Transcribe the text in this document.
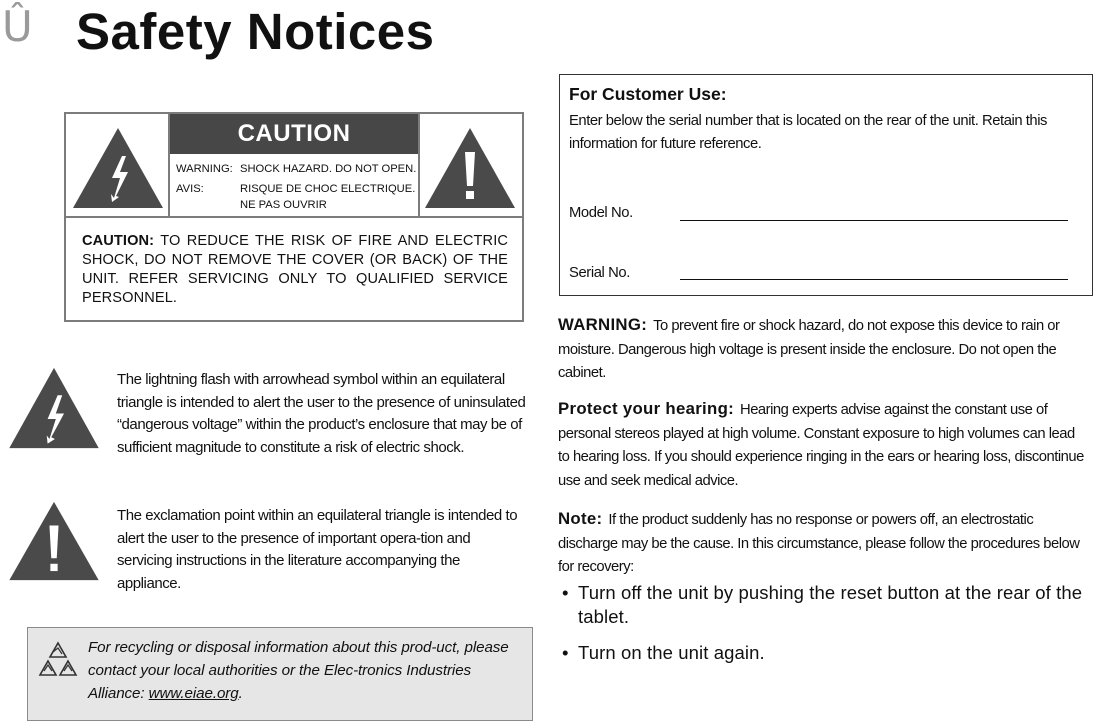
Û Safety Notices
CAUTION
WARNING: SHOCK HAZARD. DO NOT OPEN.
AVIS:	RISQUE DE CHOC ELECTRIQUE.
NE PAS OUVRIR
CAUTION: TO REDUCE THE RISK OF FIRE AND ELECTRIC SHOCK, DO NOT REMOVE THE COVER (OR BACK) OF THE UNIT. REFER SERVICING ONLY TO QUALIFIED SERVICE PERSONNEL.
The lightning flash with arrowhead symbol within an equilateral triangle is intended to alert the user to the presence of uninsulated “dangerous voltage” within the product’s enclosure that may be of sufficient magnitude to constitute a risk of electric shock.
The exclamation point within an equilateral triangle is intended to alert the user to the presence of important opera-tion and servicing instructions in the literature accompanying the appliance.
For recycling or disposal information about this prod-uct, please contact your local authorities or the Elec-tronics Industries Alliance: www.eiae.org.
For Customer Use:
Enter below the serial number that is located on the rear of the unit. Retain this information for future reference.
Model No.
Serial No.
WARNING: To prevent fire or shock hazard, do not expose this device to rain or moisture. Dangerous high voltage is present inside the enclosure. Do not open the cabinet.
Protect your hearing: Hearing experts advise against the constant use of personal stereos played at high volume. Constant exposure to high volumes can lead to hearing loss. If you should experience ringing in the ears or hearing loss, discontinue use and seek medical advice.
Note: If the product suddenly has no response or powers off, an electrostatic discharge may be the cause. In this circumstance, please follow the procedures below for recovery:
• Turn off the unit by pushing the reset button at the rear of the tablet.
• Turn on the unit again.
